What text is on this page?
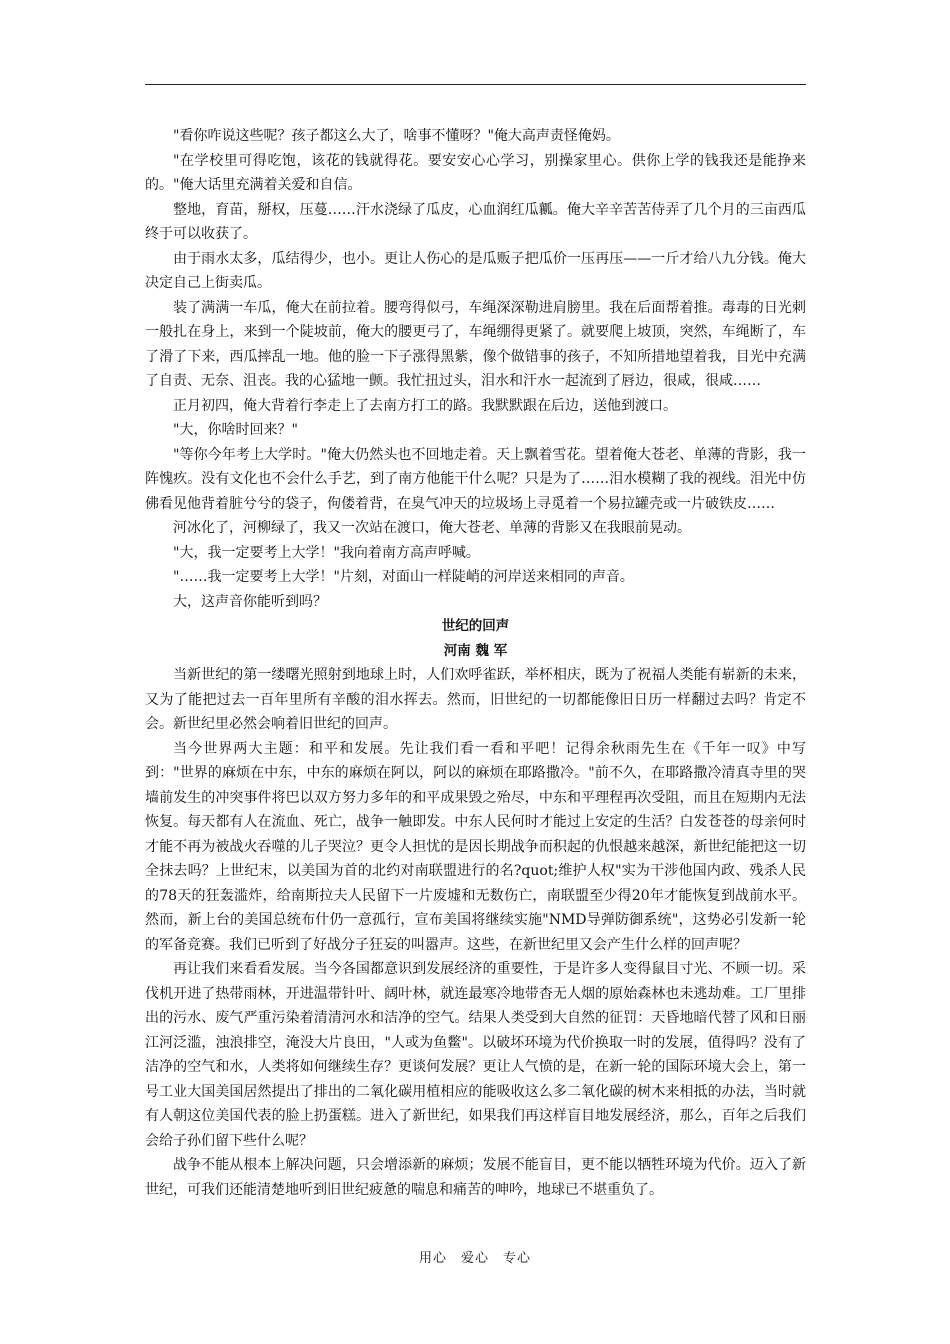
"看你咋说这些呢？孩子都这么大了，啥事不懂呀？"俺大高声责怪俺妈。

"在学校里可得吃饱，该花的钱就得花。要安安心心学习，别操家里心。供你上学的钱我还是能挣来的。"俺大话里充满着关爱和自信。

整地，育苗，掰权，压蔓……汗水浇绿了瓜皮，心血润红瓜瓤。俺大辛辛苦苦侍弄了几个月的三亩西瓜终于可以收获了。

由于雨水太多，瓜结得少，也小。更让人伤心的是瓜贩子把瓜价一压再压——一斤才给八九分钱。俺大决定自己上街卖瓜。

装了满满一车瓜，俺大在前拉着。腰弯得似弓，车绳深深勒进肩膀里。我在后面帮着推。毒毒的日光刺一般扎在身上，来到一个陡坡前，俺大的腰更弓了，车绳绷得更紧了。就要爬上坡顶，突然，车绳断了，车了滑了下来，西瓜摔乱一地。他的脸一下子涨得黑紫，像个做错事的孩子，不知所措地望着我，目光中充满了自责、无奈、沮丧。我的心猛地一颤。我忙扭过头，泪水和汗水一起流到了唇边，很咸，很咸……

正月初四，俺大背着行李走上了去南方打工的路。我默默跟在后边，送他到渡口。

"大，你啥时回来？"

"等你今年考上大学时。"俺大仍然头也不回地走着。天上飘着雪花。望着俺大苍老、单薄的背影，我一阵愧疚。没有文化也不会什么手艺，到了南方他能干什么呢？只是为了……泪水模糊了我的视线。泪光中仿佛看见他背着脏兮兮的袋子，佝偻着背，在臭气冲天的垃圾场上寻觅着一个易拉罐壳或一片破铁皮……

河冰化了，河柳绿了，我又一次站在渡口，俺大苍老、单薄的背影又在我眼前晃动。

"大，我一定要考上大学！"我向着南方高声呼喊。

"……我一定要考上大学！"片刻，对面山一样陡峭的河岸送来相同的声音。

大，这声音你能听到吗？

世纪的回声

河南 魏 军

当新世纪的第一缕曙光照射到地球上时，人们欢呼雀跃，举杯相庆，既为了祝福人类能有崭新的未来，又为了能把过去一百年里所有辛酸的泪水挥去。然而，旧世纪的一切都能像旧日历一样翻过去吗？肯定不会。新世纪里必然会响着旧世纪的回声。

当今世界两大主题：和平和发展。先让我们看一看和平吧！记得余秋雨先生在《千年一叹》中写到："世界的麻烦在中东，中东的麻烦在阿以，阿以的麻烦在耶路撒冷。"前不久，在耶路撒冷清真寺里的哭墙前发生的冲突事件将巴以双方努力多年的和平成果毁之殆尽，中东和平理程再次受阻，而且在短期内无法恢复。每天都有人在流血、死亡，战争一触即发。中东人民何时才能过上安定的生活？白发苍苍的母亲何时才能不再为被战火吞噬的儿子哭泣？更令人担忧的是因长期战争而积起的仇恨越来越深，新世纪能把这一切全抹去吗？上世纪末，以美国为首的北约对南联盟进行的名?quot;维护人权"实为干涉他国内政、残杀人民的78天的狂轰滥炸，给南斯拉夫人民留下一片废墟和无数伤亡，南联盟至少得20年才能恢复到战前水平。然而，新上台的美国总统布什仍一意孤行，宣布美国将继续实施"NMD导弹防御系统"，这势必引发新一轮的军备竞赛。我们已听到了好战分子狂妄的叫嚣声。这些，在新世纪里又会产生什么样的回声呢？

再让我们来看看发展。当今各国都意识到发展经济的重要性，于是许多人变得鼠目寸光、不顾一切。采伐机开进了热带雨林，开进温带针叶、阔叶林，就连最寒冷地带杳无人烟的原始森林也未逃劫难。工厂里排出的污水、废气严重污染着清清河水和洁净的空气。结果人类受到大自然的征罚：天昏地暗代替了风和日丽江河泛滥，浊浪排空，淹没大片良田，"人或为鱼鳖"。以破坏环境为代价换取一时的发展，值得吗？没有了洁净的空气和水，人类将如何继续生存？更谈何发展？更让人气愤的是，在新一轮的国际环境大会上，第一号工业大国美国居然提出了排出的二氧化碳用植相应的能吸收这么多二氧化碳的树木来相抵的办法，当时就有人朝这位美国代表的脸上扔蛋糕。进入了新世纪，如果我们再这样盲目地发展经济，那么，百年之后我们会给子孙们留下些什么呢？

战争不能从根本上解决问题，只会增添新的麻烦；发展不能盲目，更不能以牺牲环境为代价。迈入了新世纪，可我们还能清楚地听到旧世纪疲惫的喘息和痛苦的呻吟，地球已不堪重负了。

用心　爱心　专心
